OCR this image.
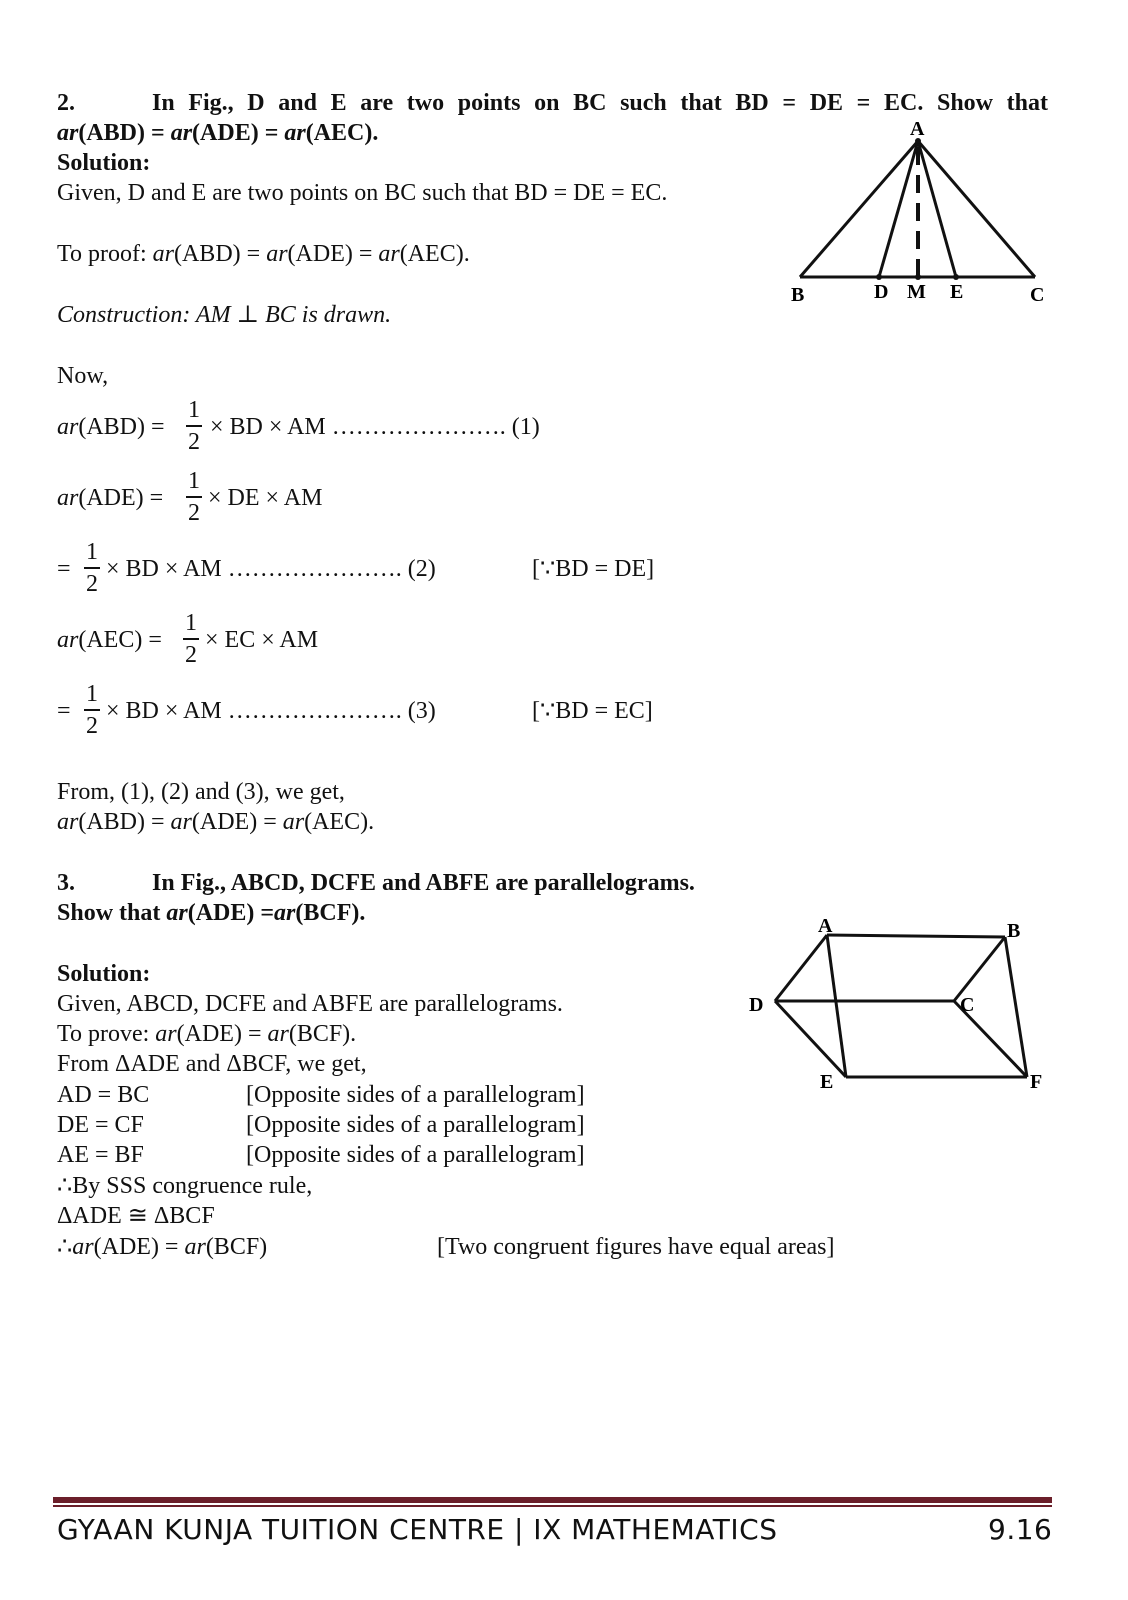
2.	In Fig., D and E are two points on BC such that BD = DE = EC. Show that
ar(ABD) = ar(ADE) = ar(AEC).
Solution:
Given, D and E are two points on BC such that BD = DE = EC.
To proof: ar(ABD) = ar(ADE) = ar(AEC).
Construction: AM ⊥ BC is drawn.
Now,
ar(ABD) =
1
2
× BD × AM …………………. (1)
ar(ADE) =
1
2
× DE × AM
=
1
2
× BD × AM …………………. (2)	[∵BD = DE]
ar(AEC) =
1
2
× EC × AM
=
1
2
× BD × AM …………………. (3)	[∵BD = EC]
From, (1), (2) and (3), we get,
ar(ABD) = ar(ADE) = ar(AEC).
A
B	D M E	C
3.	In Fig., ABCD, DCFE and ABFE are parallelograms.
Show that ar(ADE) =ar(BCF).
Solution:
Given, ABCD, DCFE and ABFE are parallelograms.
To prove: ar(ADE) = ar(BCF).
From ΔADE and ΔBCF, we get,
AD = BC	[Opposite sides of a parallelogram]
DE = CF	[Opposite sides of a parallelogram]
AE = BF	[Opposite sides of a parallelogram]
∴By SSS congruence rule,
ΔADE ≅ ΔBCF
∴ar(ADE) = ar(BCF)	[Two congruent figures have equal areas]
A	B
D	C
E	F
GYAAN KUNJA TUITION CENTRE | IX MATHEMATICS	9.16
